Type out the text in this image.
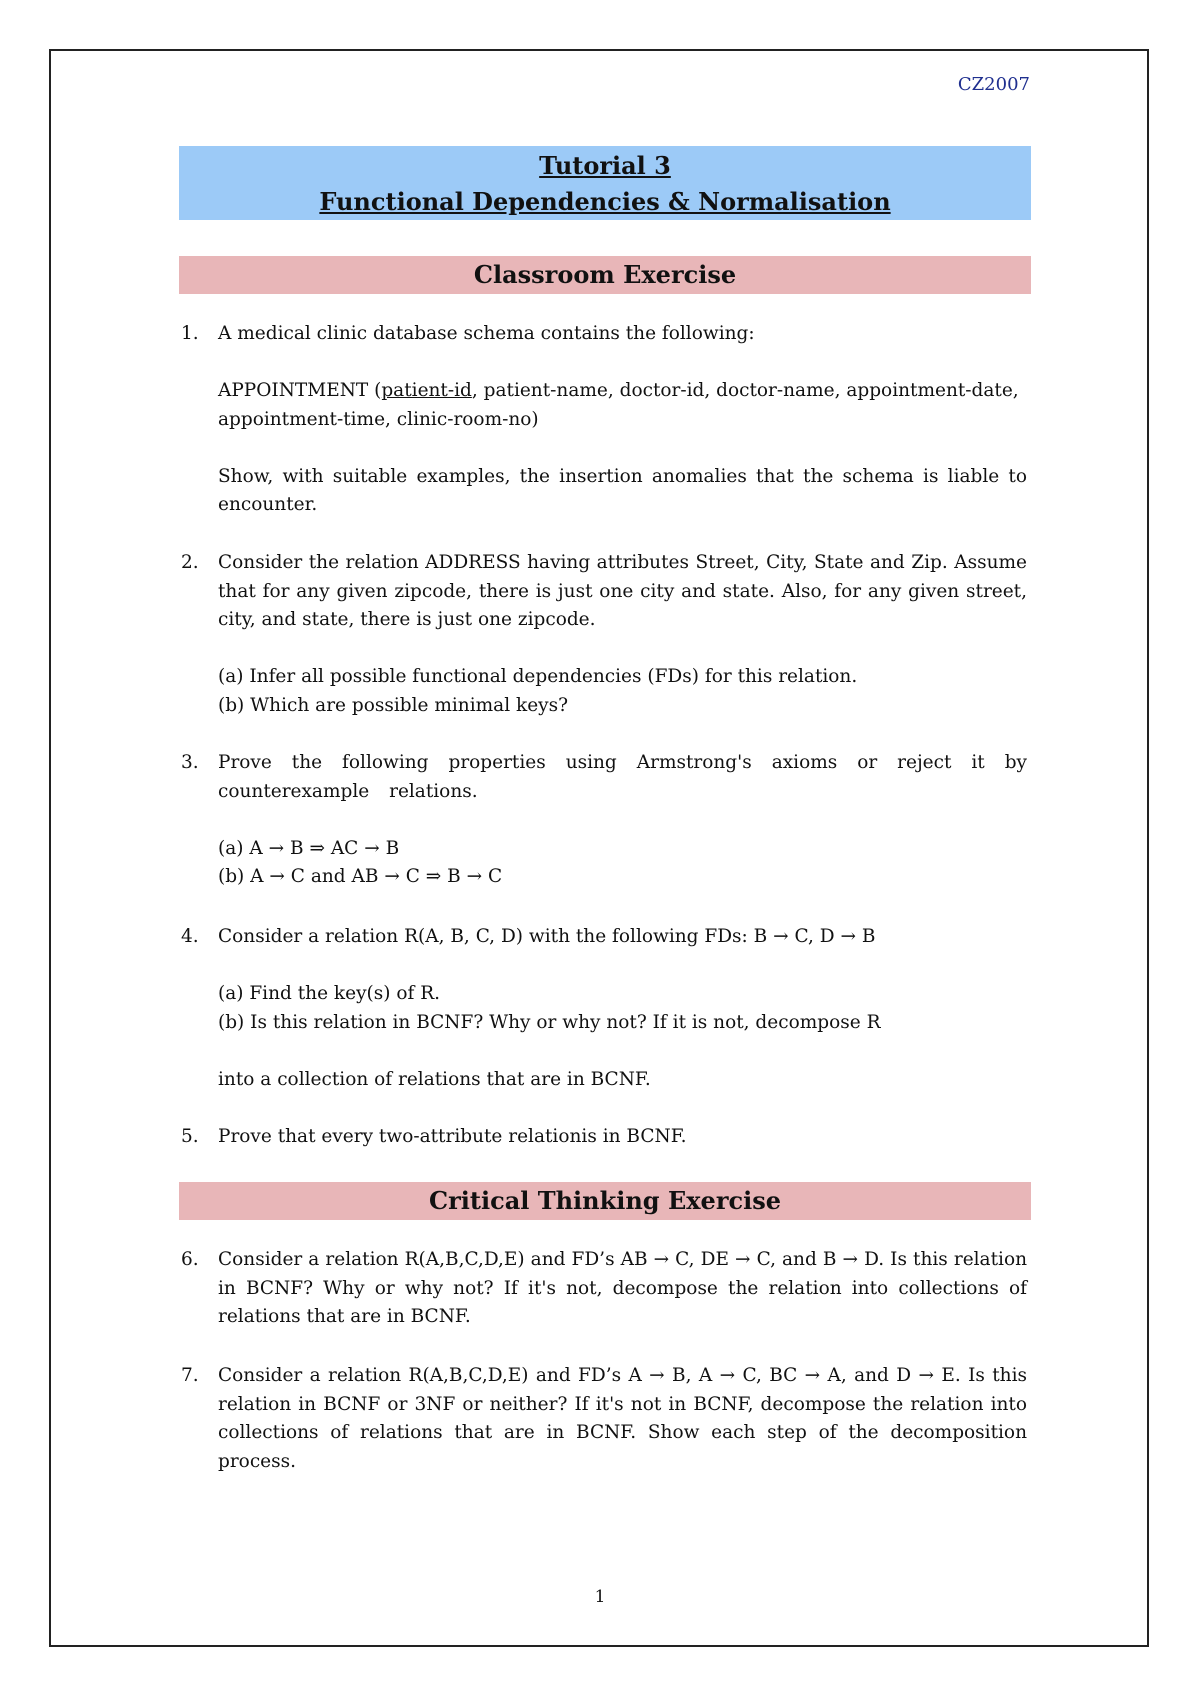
CZ2007
Tutorial 3
Functional Dependencies & Normalisation
Classroom Exercise
1.	A medical clinic database schema contains the following:

APPOINTMENT (patient-id, patient-name, doctor-id, doctor-name, appointment-date, appointment-time, clinic-room-no)

Show, with suitable examples, the insertion anomalies that the schema is liable to encounter.

2.	Consider the relation ADDRESS having attributes Street, City, State and Zip. Assume that for any given zipcode, there is just one city and state. Also, for any given street, city, and state, there is just one zipcode.

(a) Infer all possible functional dependencies (FDs) for this relation.

(b) Which are possible minimal keys?

3.	Prove the following properties using Armstrong's axioms or reject it by counterexample relations.

(a) A → B ⇒ AC → B

(b) A → C and AB → C ⇒ B → C

4.	Consider a relation R(A, B, C, D) with the following FDs: B → C, D → B

(a) Find the key(s) of R.

(b) Is this relation in BCNF? Why or why not? If it is not, decompose R

into a collection of relations that are in BCNF.

5.	Prove that every two-attribute relationis in BCNF.

Critical Thinking Exercise
6.	Consider a relation R(A,B,C,D,E) and FD’s AB → C, DE → C, and B → D. Is this relation in BCNF? Why or why not? If it's not, decompose the relation into collections of relations that are in BCNF.

7.	Consider a relation R(A,B,C,D,E) and FD’s A → B, A → C, BC → A, and D → E. Is this relation in BCNF or 3NF or neither? If it's not in BCNF, decompose the relation into collections of relations that are in BCNF. Show each step of the decomposition process.

1
